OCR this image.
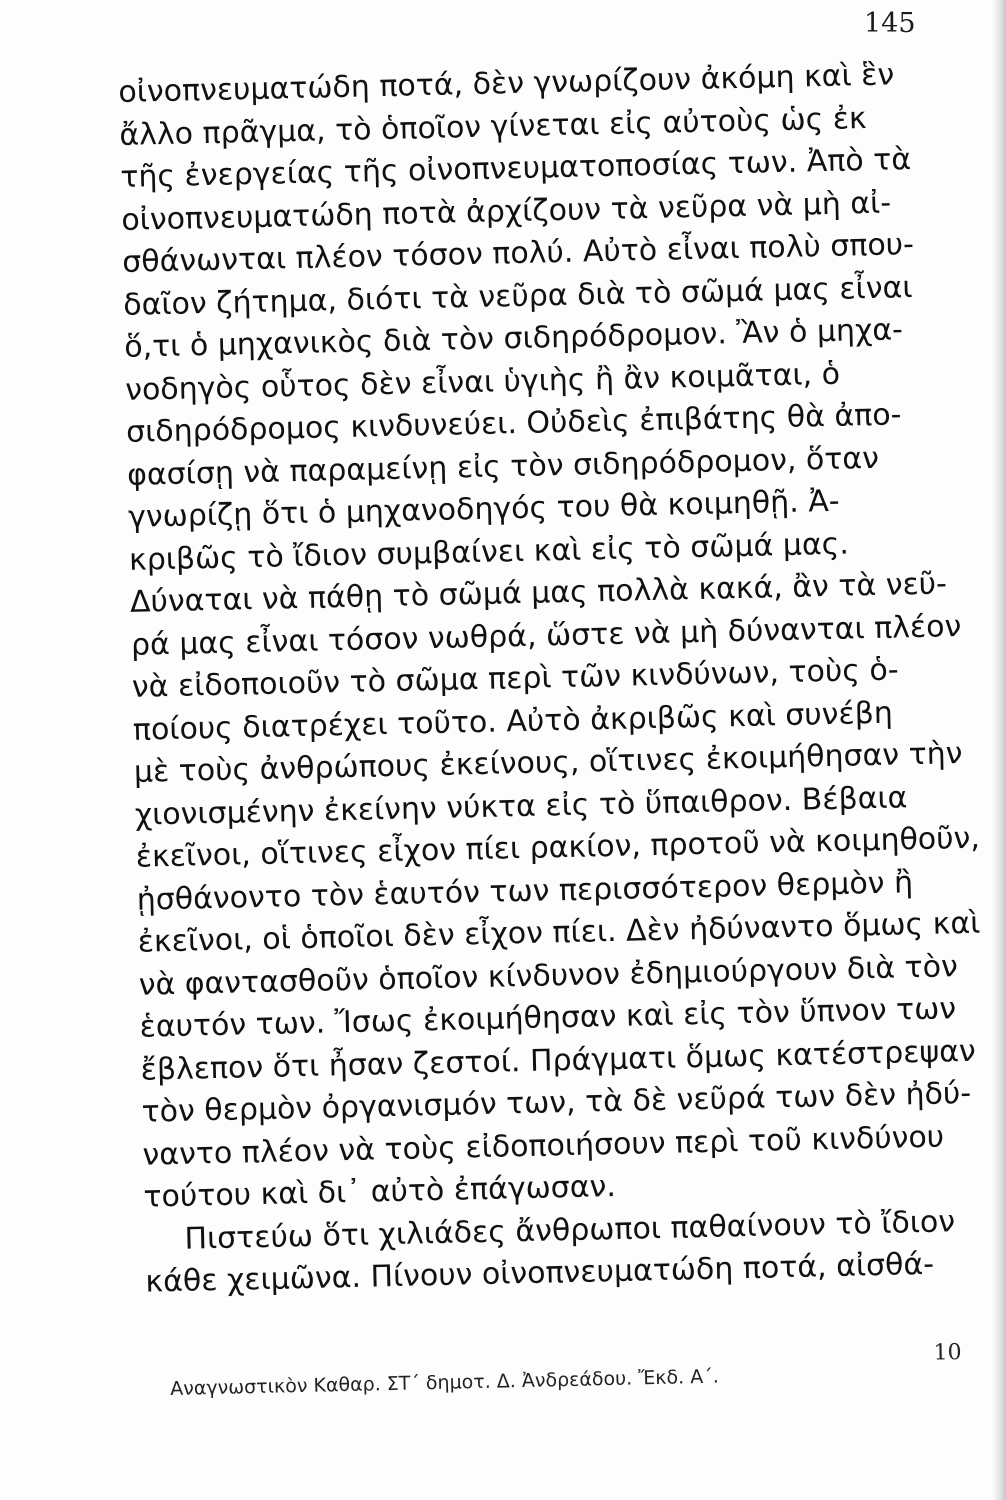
145
οἰνοπνευματώδη ποτά, δὲν γνωρίζουν ἀκόμη καὶ ἓν
ἄλλο πρᾶγμα, τὸ ὁποῖον γίνεται εἰς αὐτοὺς ὡς ἐκ
τῆς ἐνεργείας τῆς οἰνοπνευματοποσίας των. Ἀπὸ τὰ
οἰνοπνευματώδη ποτὰ ἀρχίζουν τὰ νεῦρα νὰ μὴ αἰ-
σθάνωνται πλέον τόσον πολύ. Αὐτὸ εἶναι πολὺ σπου-
δαῖον ζήτημα, διότι τὰ νεῦρα διὰ τὸ σῶμά μας εἶναι
ὅ,τι ὁ μηχανικὸς διὰ τὸν σιδηρόδρομον. Ἂν ὁ μηχα-
νοδηγὸς οὗτος δὲν εἶναι ὑγιὴς ἢ ἂν κοιμᾶται, ὁ
σιδηρόδρομος κινδυνεύει. Οὐδεὶς ἐπιβάτης θὰ ἀπο-
φασίσῃ νὰ παραμείνῃ εἰς τὸν σιδηρόδρομον, ὅταν
γνωρίζῃ ὅτι ὁ μηχανοδηγός του θὰ κοιμηθῇ. Ἀ-
κριβῶς τὸ ἴδιον συμβαίνει καὶ εἰς τὸ σῶμά μας.
Δύναται νὰ πάθῃ τὸ σῶμά μας πολλὰ κακά, ἂν τὰ νεῦ-
ρά μας εἶναι τόσον νωθρά, ὥστε νὰ μὴ δύνανται πλέον
νὰ εἰδοποιοῦν τὸ σῶμα περὶ τῶν κινδύνων, τοὺς ὁ-
ποίους διατρέχει τοῦτο. Αὐτὸ ἀκριβῶς καὶ συνέβη
μὲ τοὺς ἀνθρώπους ἐκείνους, οἵτινες ἐκοιμήθησαν τὴν
χιονισμένην ἐκείνην νύκτα εἰς τὸ ὕπαιθρον. Βέβαια
ἐκεῖνοι, οἵτινες εἶχον πίει ρακίον, προτοῦ νὰ κοιμηθοῦν,
ᾐσθάνοντο τὸν ἑαυτόν των περισσότερον θερμὸν ἢ
ἐκεῖνοι, οἱ ὁποῖοι δὲν εἶχον πίει. Δὲν ἠδύναντο ὅμως καὶ
νὰ φαντασθοῦν ὁποῖον κίνδυνον ἐδημιούργουν διὰ τὸν
ἑαυτόν των. Ἴσως ἐκοιμήθησαν καὶ εἰς τὸν ὕπνον των
ἔβλεπον ὅτι ἦσαν ζεστοί. Πράγματι ὅμως κατέστρεψαν
τὸν θερμὸν ὀργανισμόν των, τὰ δὲ νεῦρά των δὲν ἠδύ-
ναντο πλέον νὰ τοὺς εἰδοποιήσουν περὶ τοῦ κινδύνου
τούτου καὶ δι᾽ αὐτὸ ἐπάγωσαν.
Πιστεύω ὅτι χιλιάδες ἄνθρωποι παθαίνουν τὸ ἴδιον
κάθε χειμῶνα. Πίνουν οἰνοπνευματώδη ποτά, αἰσθά-
Αναγνωστικὸν Καθαρ. ΣΤ΄ δημοτ. Δ. Ἀνδρεάδου. Ἔκδ. Α΄.
10
